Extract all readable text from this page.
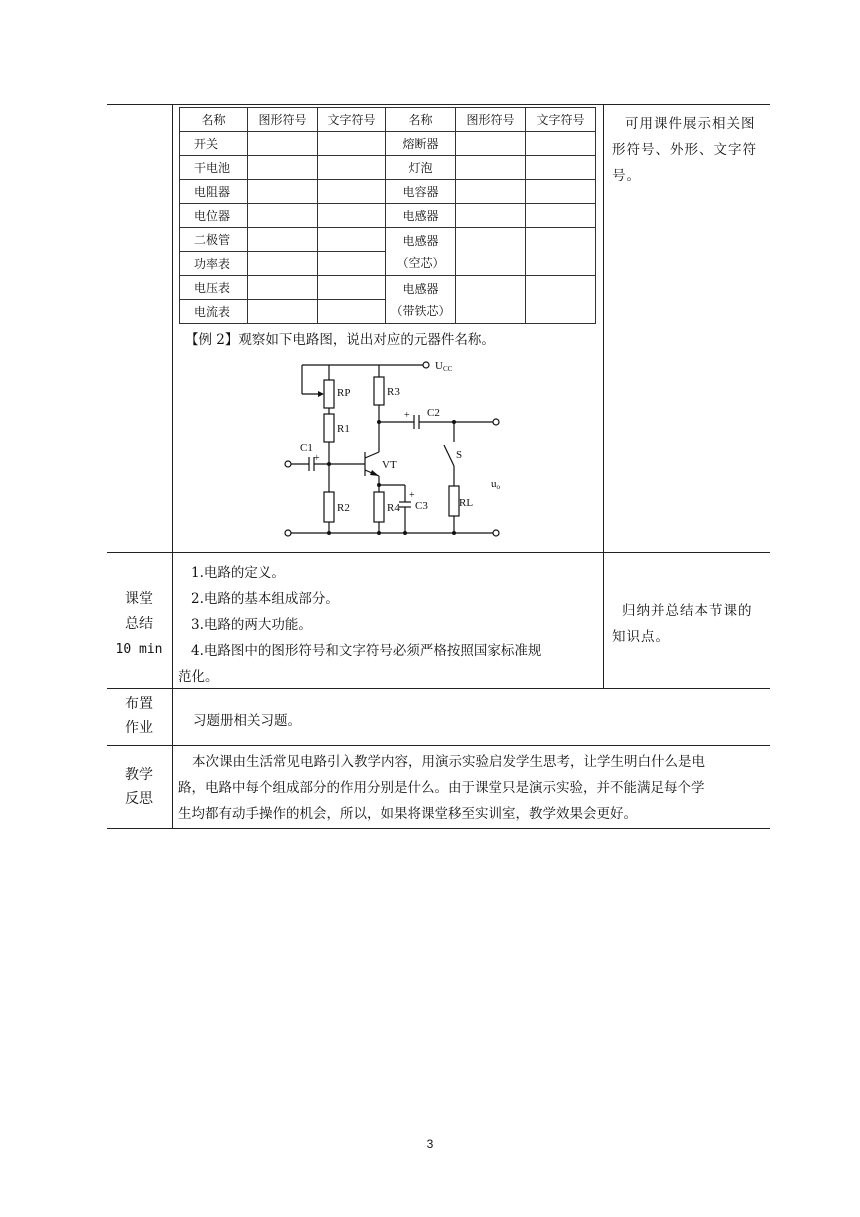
名称	图形符号	文字符号	名称	图形符号	文字符号
开关			熔断器		
干电池			灯泡		
电阻器			电容器		
电位器			电感器		
二极管			电感器
（空芯）		

功率表					
电压表			电感器
（带铁芯）		

电流表					
可用课件展示相关图
形符号、外形、文字符
号。
【例 2】观察如下电路图，说出对应的元器件名称。
UCC
RP
R1
R2
R3
R4
C1
C2
C3
VT
S
RL
uo
+
+
+
课堂
总结
10 min
1.电路的定义。
2.电路的基本组成部分。
3.电路的两大功能。
4.电路图中的图形符号和文字符号必须严格按照国家标准规
范化。
归纳并总结本节课的
知识点。
布置
作业	习题册相关习题。
教学
反思
本次课由生活常见电路引入教学内容，用演示实验启发学生思考，让学生明白什么是电
路，电路中每个组成部分的作用分别是什么。由于课堂只是演示实验，并不能满足每个学
生均都有动手操作的机会，所以，如果将课堂移至实训室，教学效果会更好。
3
